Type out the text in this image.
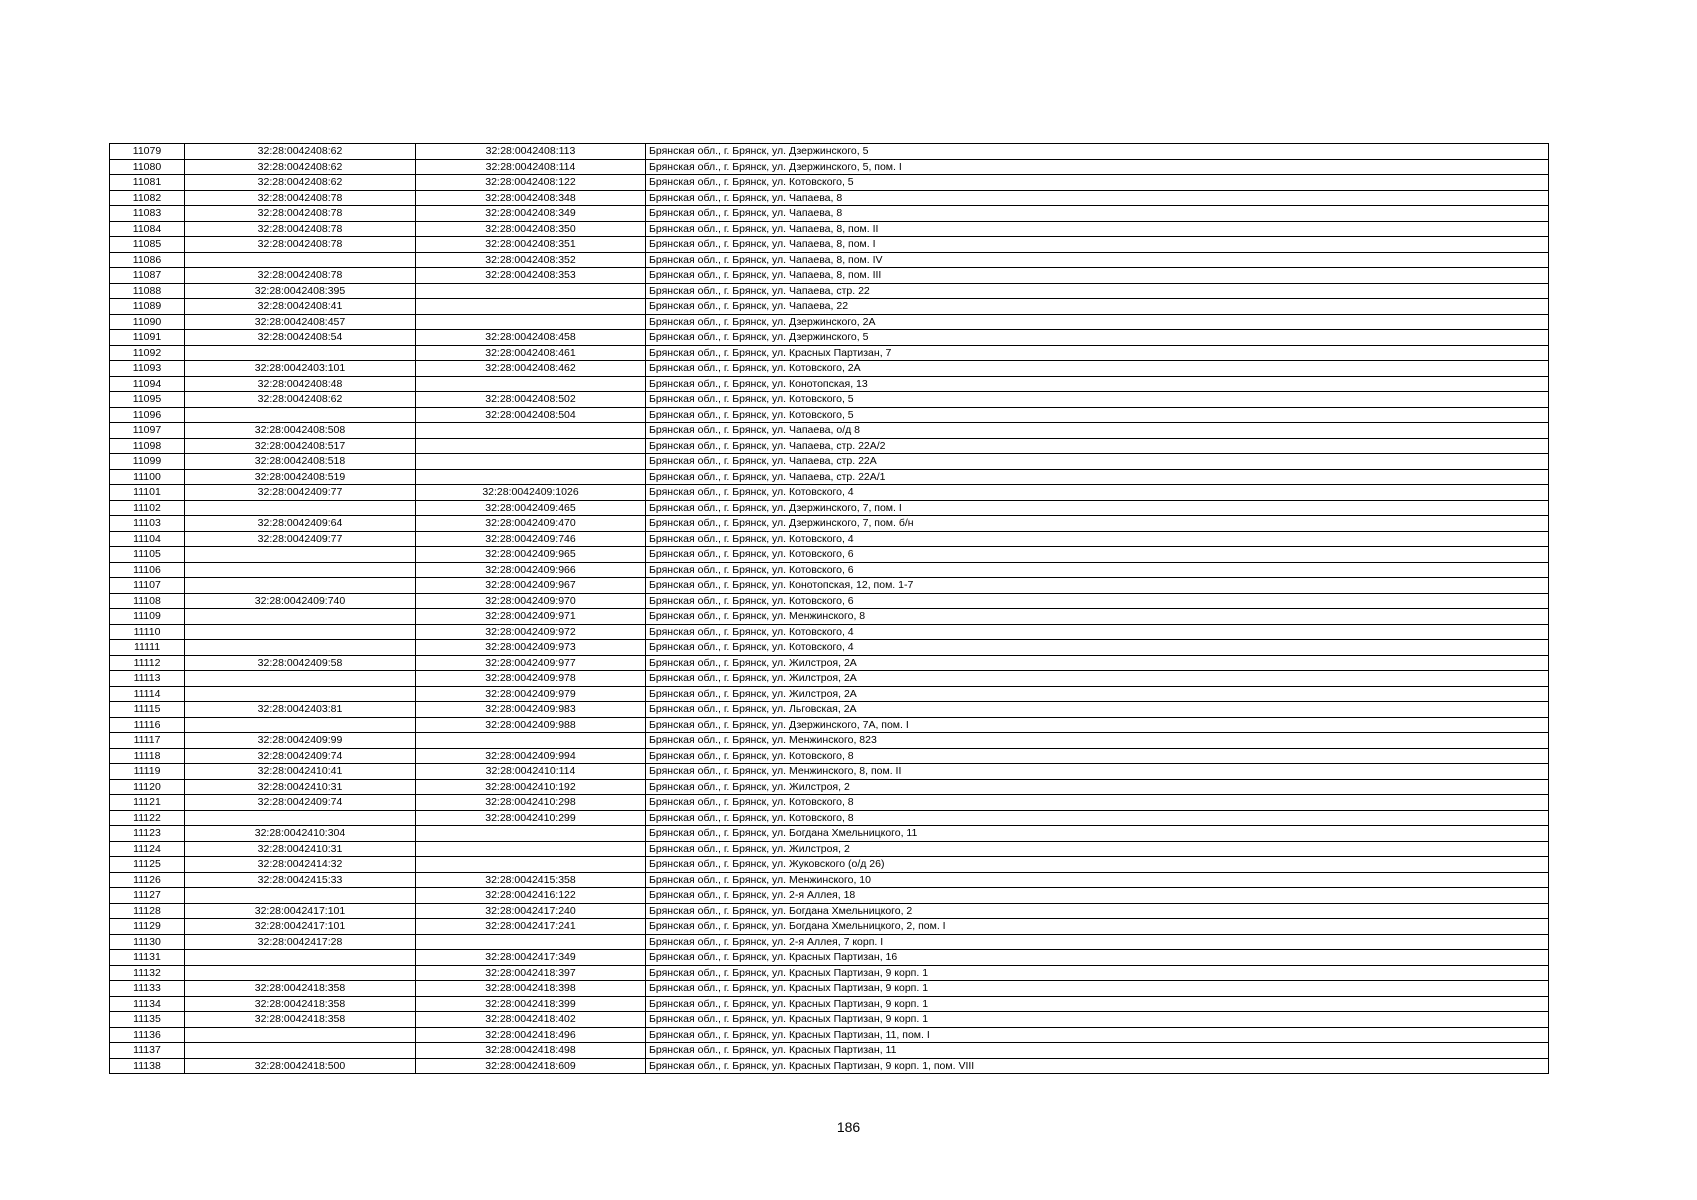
11079	32:28:0042408:62	32:28:0042408:113	Брянская обл., г. Брянск, ул. Дзержинского, 5
11080	32:28:0042408:62	32:28:0042408:114	Брянская обл., г. Брянск, ул. Дзержинского, 5, пом. I
11081	32:28:0042408:62	32:28:0042408:122	Брянская обл., г. Брянск, ул. Котовского, 5
11082	32:28:0042408:78	32:28:0042408:348	Брянская обл., г. Брянск, ул. Чапаева, 8
11083	32:28:0042408:78	32:28:0042408:349	Брянская обл., г. Брянск, ул. Чапаева, 8
11084	32:28:0042408:78	32:28:0042408:350	Брянская обл., г. Брянск, ул. Чапаева, 8, пом. II
11085	32:28:0042408:78	32:28:0042408:351	Брянская обл., г. Брянск, ул. Чапаева, 8, пом. I
11086		32:28:0042408:352	Брянская обл., г. Брянск, ул. Чапаева, 8, пом. IV
11087	32:28:0042408:78	32:28:0042408:353	Брянская обл., г. Брянск, ул. Чапаева, 8, пом. III
11088	32:28:0042408:395		Брянская обл., г. Брянск, ул. Чапаева, стр. 22
11089	32:28:0042408:41		Брянская обл., г. Брянск, ул. Чапаева, 22
11090	32:28:0042408:457		Брянская обл., г. Брянск, ул. Дзержинского, 2А
11091	32:28:0042408:54	32:28:0042408:458	Брянская обл., г. Брянск, ул. Дзержинского, 5
11092		32:28:0042408:461	Брянская обл., г. Брянск, ул. Красных Партизан, 7
11093	32:28:0042403:101	32:28:0042408:462	Брянская обл., г. Брянск, ул. Котовского, 2А
11094	32:28:0042408:48		Брянская обл., г. Брянск, ул. Конотопская, 13
11095	32:28:0042408:62	32:28:0042408:502	Брянская обл., г. Брянск, ул. Котовского, 5
11096		32:28:0042408:504	Брянская обл., г. Брянск, ул. Котовского, 5
11097	32:28:0042408:508		Брянская обл., г. Брянск, ул. Чапаева, о/д 8
11098	32:28:0042408:517		Брянская обл., г. Брянск, ул. Чапаева, стр. 22А/2
11099	32:28:0042408:518		Брянская обл., г. Брянск, ул. Чапаева, стр. 22А
11100	32:28:0042408:519		Брянская обл., г. Брянск, ул. Чапаева, стр. 22А/1
11101	32:28:0042409:77	32:28:0042409:1026	Брянская обл., г. Брянск, ул. Котовского, 4
11102		32:28:0042409:465	Брянская обл., г. Брянск, ул. Дзержинского, 7, пом. I
11103	32:28:0042409:64	32:28:0042409:470	Брянская обл., г. Брянск, ул. Дзержинского, 7, пом. б/н
11104	32:28:0042409:77	32:28:0042409:746	Брянская обл., г. Брянск, ул. Котовского, 4
11105		32:28:0042409:965	Брянская обл., г. Брянск, ул. Котовского, 6
11106		32:28:0042409:966	Брянская обл., г. Брянск, ул. Котовского, 6
11107		32:28:0042409:967	Брянская обл., г. Брянск, ул. Конотопская, 12, пом. 1-7
11108	32:28:0042409:740	32:28:0042409:970	Брянская обл., г. Брянск, ул. Котовского, 6
11109		32:28:0042409:971	Брянская обл., г. Брянск, ул. Менжинского, 8
11110		32:28:0042409:972	Брянская обл., г. Брянск, ул. Котовского, 4
11111		32:28:0042409:973	Брянская обл., г. Брянск, ул. Котовского, 4
11112	32:28:0042409:58	32:28:0042409:977	Брянская обл., г. Брянск, ул. Жилстроя, 2А
11113		32:28:0042409:978	Брянская обл., г. Брянск, ул. Жилстроя, 2А
11114		32:28:0042409:979	Брянская обл., г. Брянск, ул. Жилстроя, 2А
11115	32:28:0042403:81	32:28:0042409:983	Брянская обл., г. Брянск, ул. Льговская, 2А
11116		32:28:0042409:988	Брянская обл., г. Брянск, ул. Дзержинского, 7А, пом. I
11117	32:28:0042409:99		Брянская обл., г. Брянск, ул. Менжинского, 823
11118	32:28:0042409:74	32:28:0042409:994	Брянская обл., г. Брянск, ул. Котовского, 8
11119	32:28:0042410:41	32:28:0042410:114	Брянская обл., г. Брянск, ул. Менжинского, 8, пом. II
11120	32:28:0042410:31	32:28:0042410:192	Брянская обл., г. Брянск, ул. Жилстроя, 2
11121	32:28:0042409:74	32:28:0042410:298	Брянская обл., г. Брянск, ул. Котовского, 8
11122		32:28:0042410:299	Брянская обл., г. Брянск, ул. Котовского, 8
11123	32:28:0042410:304		Брянская обл., г. Брянск, ул. Богдана Хмельницкого, 11
11124	32:28:0042410:31		Брянская обл., г. Брянск, ул. Жилстроя, 2
11125	32:28:0042414:32		Брянская обл., г. Брянск, ул. Жуковского (о/д 26)
11126	32:28:0042415:33	32:28:0042415:358	Брянская обл., г. Брянск, ул. Менжинского, 10
11127		32:28:0042416:122	Брянская обл., г. Брянск, ул. 2-я Аллея, 18
11128	32:28:0042417:101	32:28:0042417:240	Брянская обл., г. Брянск, ул. Богдана Хмельницкого, 2
11129	32:28:0042417:101	32:28:0042417:241	Брянская обл., г. Брянск, ул. Богдана Хмельницкого, 2, пом. I
11130	32:28:0042417:28		Брянская обл., г. Брянск, ул. 2-я Аллея, 7 корп. I
11131		32:28:0042417:349	Брянская обл., г. Брянск, ул. Красных Партизан, 16
11132		32:28:0042418:397	Брянская обл., г. Брянск, ул. Красных Партизан, 9 корп. 1
11133	32:28:0042418:358	32:28:0042418:398	Брянская обл., г. Брянск, ул. Красных Партизан, 9 корп. 1
11134	32:28:0042418:358	32:28:0042418:399	Брянская обл., г. Брянск, ул. Красных Партизан, 9 корп. 1
11135	32:28:0042418:358	32:28:0042418:402	Брянская обл., г. Брянск, ул. Красных Партизан, 9 корп. 1
11136		32:28:0042418:496	Брянская обл., г. Брянск, ул. Красных Партизан, 11, пом. I
11137		32:28:0042418:498	Брянская обл., г. Брянск, ул. Красных Партизан, 11
11138	32:28:0042418:500	32:28:0042418:609	Брянская обл., г. Брянск, ул. Красных Партизан, 9 корп. 1, пом. VIII
186
